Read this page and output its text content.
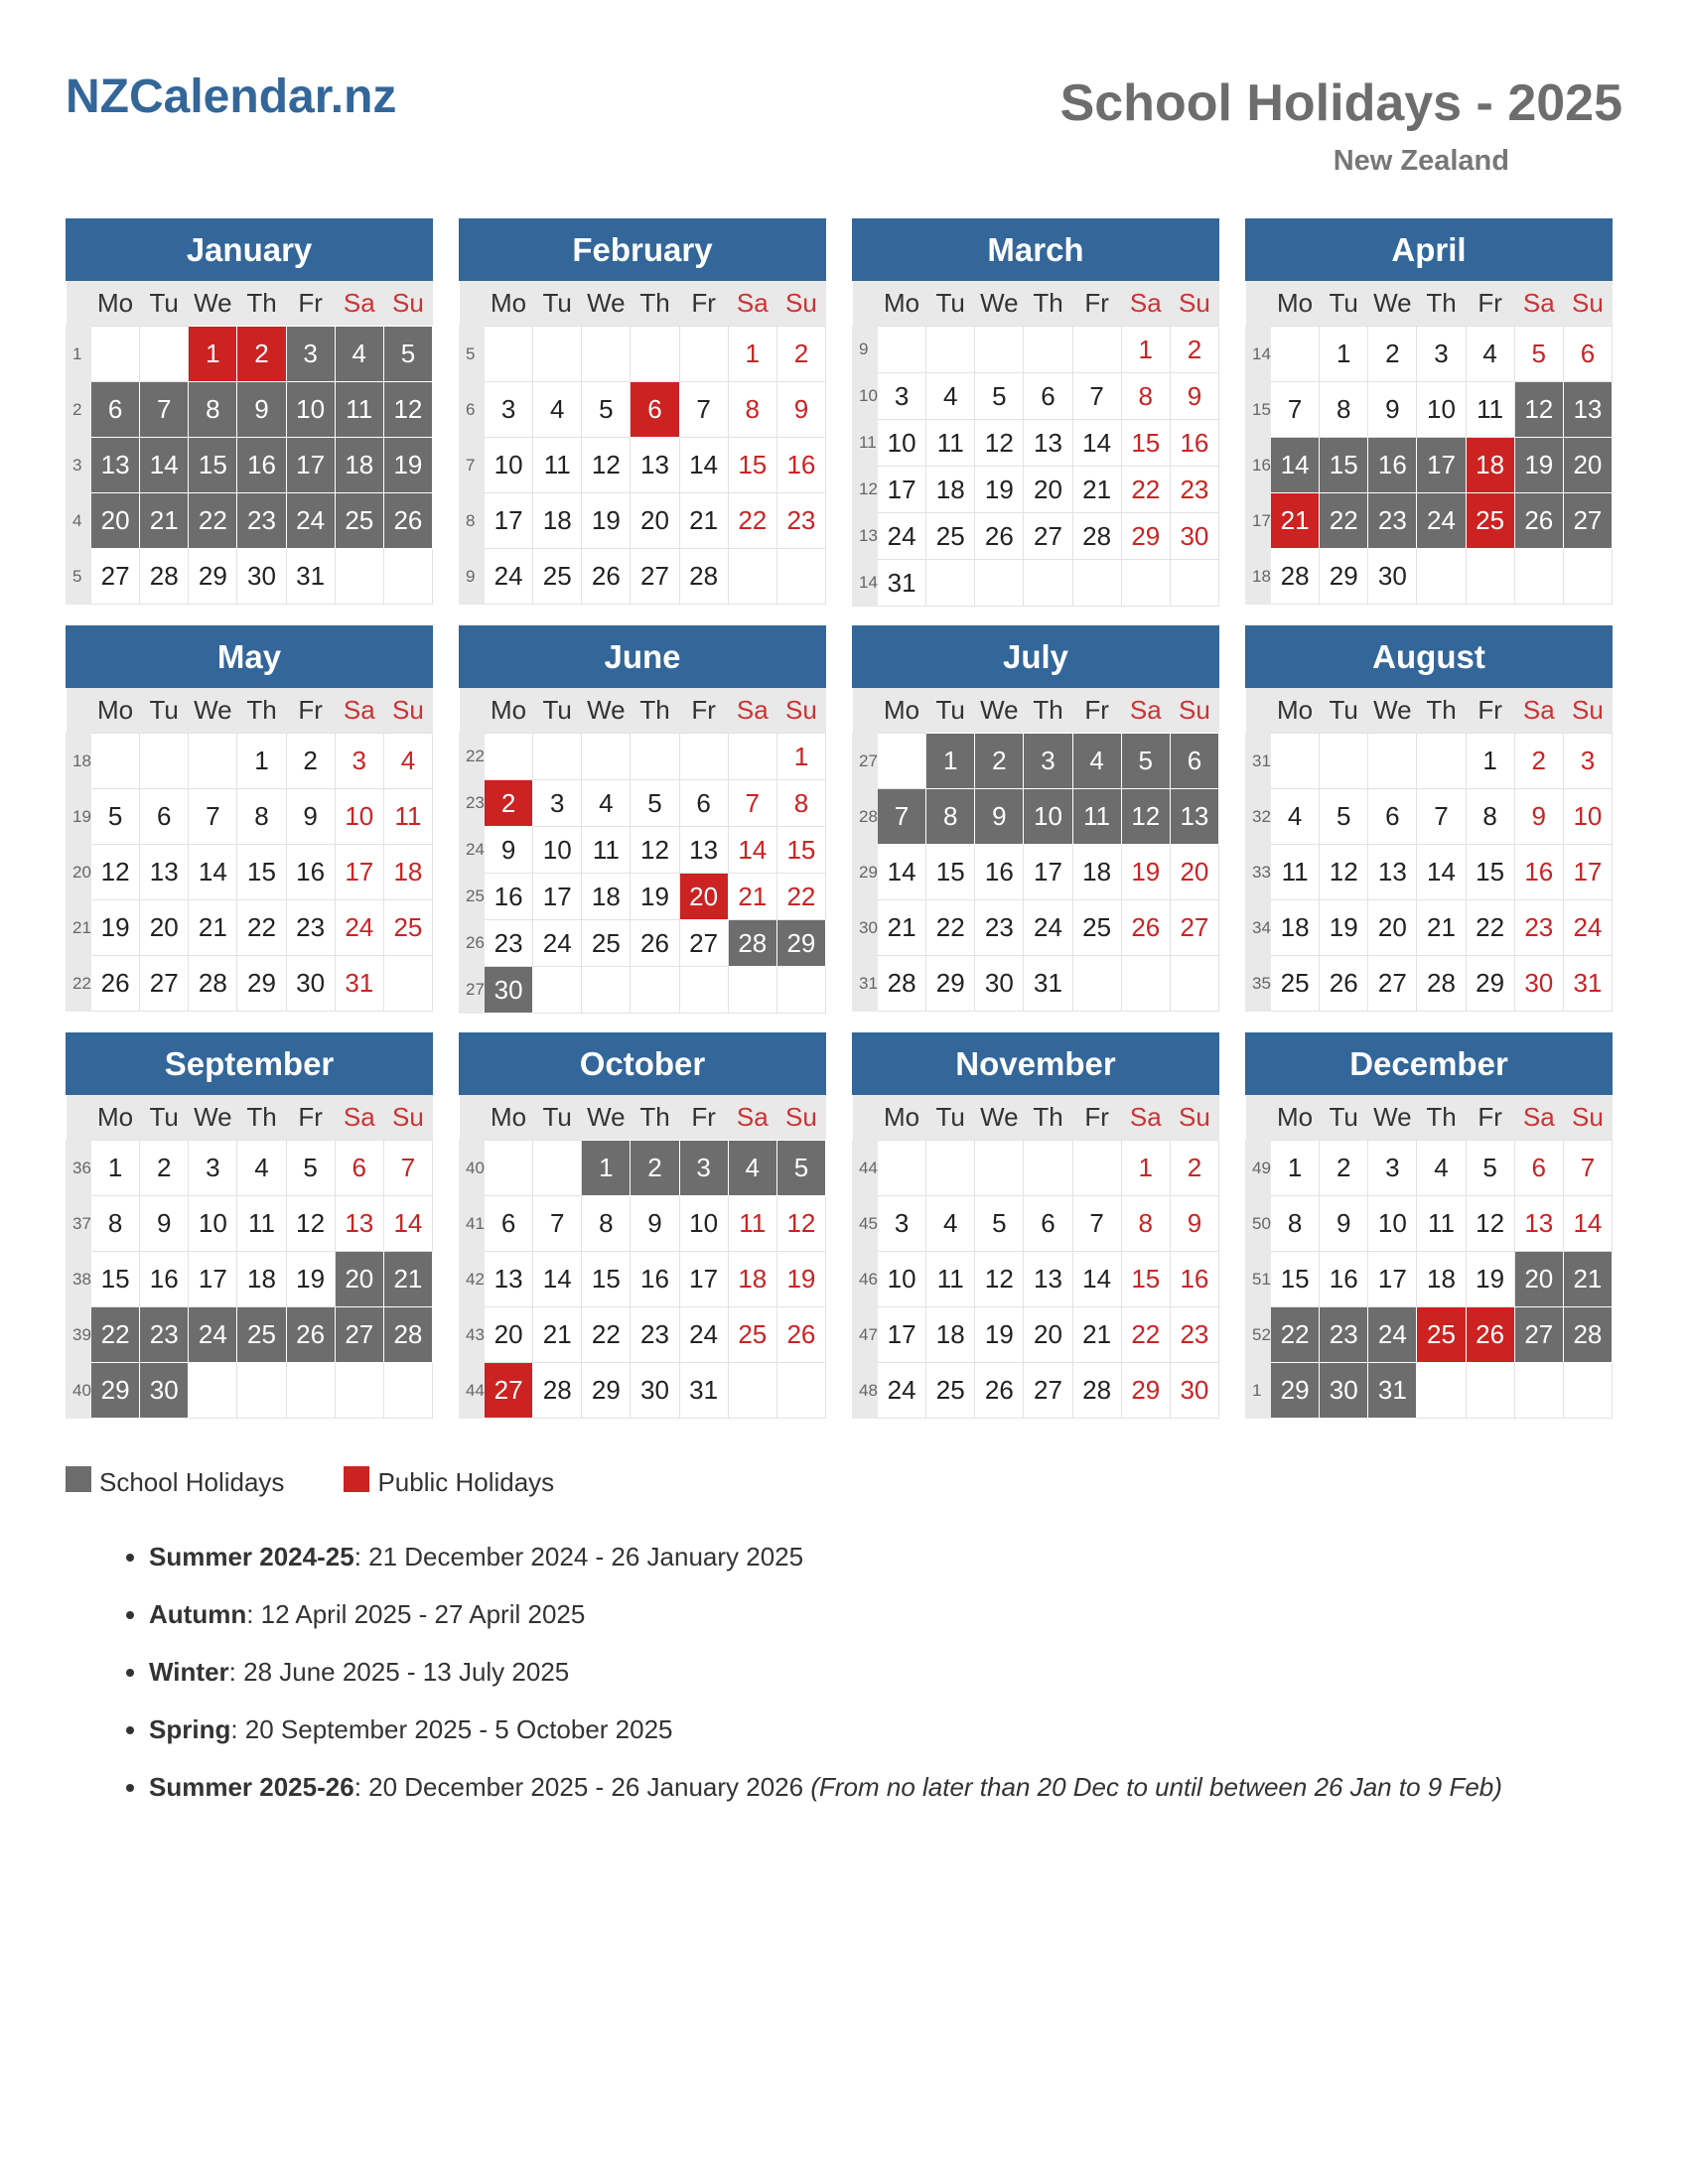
NZCalendar.nz	School Holidays - 2025
New Zealand
January
	Mo	Tu	We	Th	Fr	Sa	Su
1			1	2	3	4	5
2	6	7	8	9	10	11	12
3	13	14	15	16	17	18	19
4	20	21	22	23	24	25	26
5	27	28	29	30	31		
February
	Mo	Tu	We	Th	Fr	Sa	Su
5						1	2
6	3	4	5	6	7	8	9
7	10	11	12	13	14	15	16
8	17	18	19	20	21	22	23
9	24	25	26	27	28		
March
	Mo	Tu	We	Th	Fr	Sa	Su
9						1	2
10	3	4	5	6	7	8	9
11	10	11	12	13	14	15	16
12	17	18	19	20	21	22	23
13	24	25	26	27	28	29	30
14	31						
April
	Mo	Tu	We	Th	Fr	Sa	Su
14		1	2	3	4	5	6
15	7	8	9	10	11	12	13
16	14	15	16	17	18	19	20
17	21	22	23	24	25	26	27
18	28	29	30				
May
	Mo	Tu	We	Th	Fr	Sa	Su
18				1	2	3	4
19	5	6	7	8	9	10	11
20	12	13	14	15	16	17	18
21	19	20	21	22	23	24	25
22	26	27	28	29	30	31	
June
	Mo	Tu	We	Th	Fr	Sa	Su
22							1
23	2	3	4	5	6	7	8
24	9	10	11	12	13	14	15
25	16	17	18	19	20	21	22
26	23	24	25	26	27	28	29
27	30						
July
	Mo	Tu	We	Th	Fr	Sa	Su
27		1	2	3	4	5	6
28	7	8	9	10	11	12	13
29	14	15	16	17	18	19	20
30	21	22	23	24	25	26	27
31	28	29	30	31			
August
	Mo	Tu	We	Th	Fr	Sa	Su
31					1	2	3
32	4	5	6	7	8	9	10
33	11	12	13	14	15	16	17
34	18	19	20	21	22	23	24
35	25	26	27	28	29	30	31
September
	Mo	Tu	We	Th	Fr	Sa	Su
36	1	2	3	4	5	6	7
37	8	9	10	11	12	13	14
38	15	16	17	18	19	20	21
39	22	23	24	25	26	27	28
40	29	30					
October
	Mo	Tu	We	Th	Fr	Sa	Su
40			1	2	3	4	5
41	6	7	8	9	10	11	12
42	13	14	15	16	17	18	19
43	20	21	22	23	24	25	26
44	27	28	29	30	31		
November
	Mo	Tu	We	Th	Fr	Sa	Su
44						1	2
45	3	4	5	6	7	8	9
46	10	11	12	13	14	15	16
47	17	18	19	20	21	22	23
48	24	25	26	27	28	29	30
December
	Mo	Tu	We	Th	Fr	Sa	Su
49	1	2	3	4	5	6	7
50	8	9	10	11	12	13	14
51	15	16	17	18	19	20	21
52	22	23	24	25	26	27	28
1	29	30	31				
School Holidays	Public Holidays
• Summer 2024-25: 21 December 2024 - 26 January 2025
• Autumn: 12 April 2025 - 27 April 2025
• Winter: 28 June 2025 - 13 July 2025
• Spring: 20 September 2025 - 5 October 2025
• Summer 2025-26: 20 December 2025 - 26 January 2026 (From no later than 20 Dec to until between 26 Jan to 9 Feb)
